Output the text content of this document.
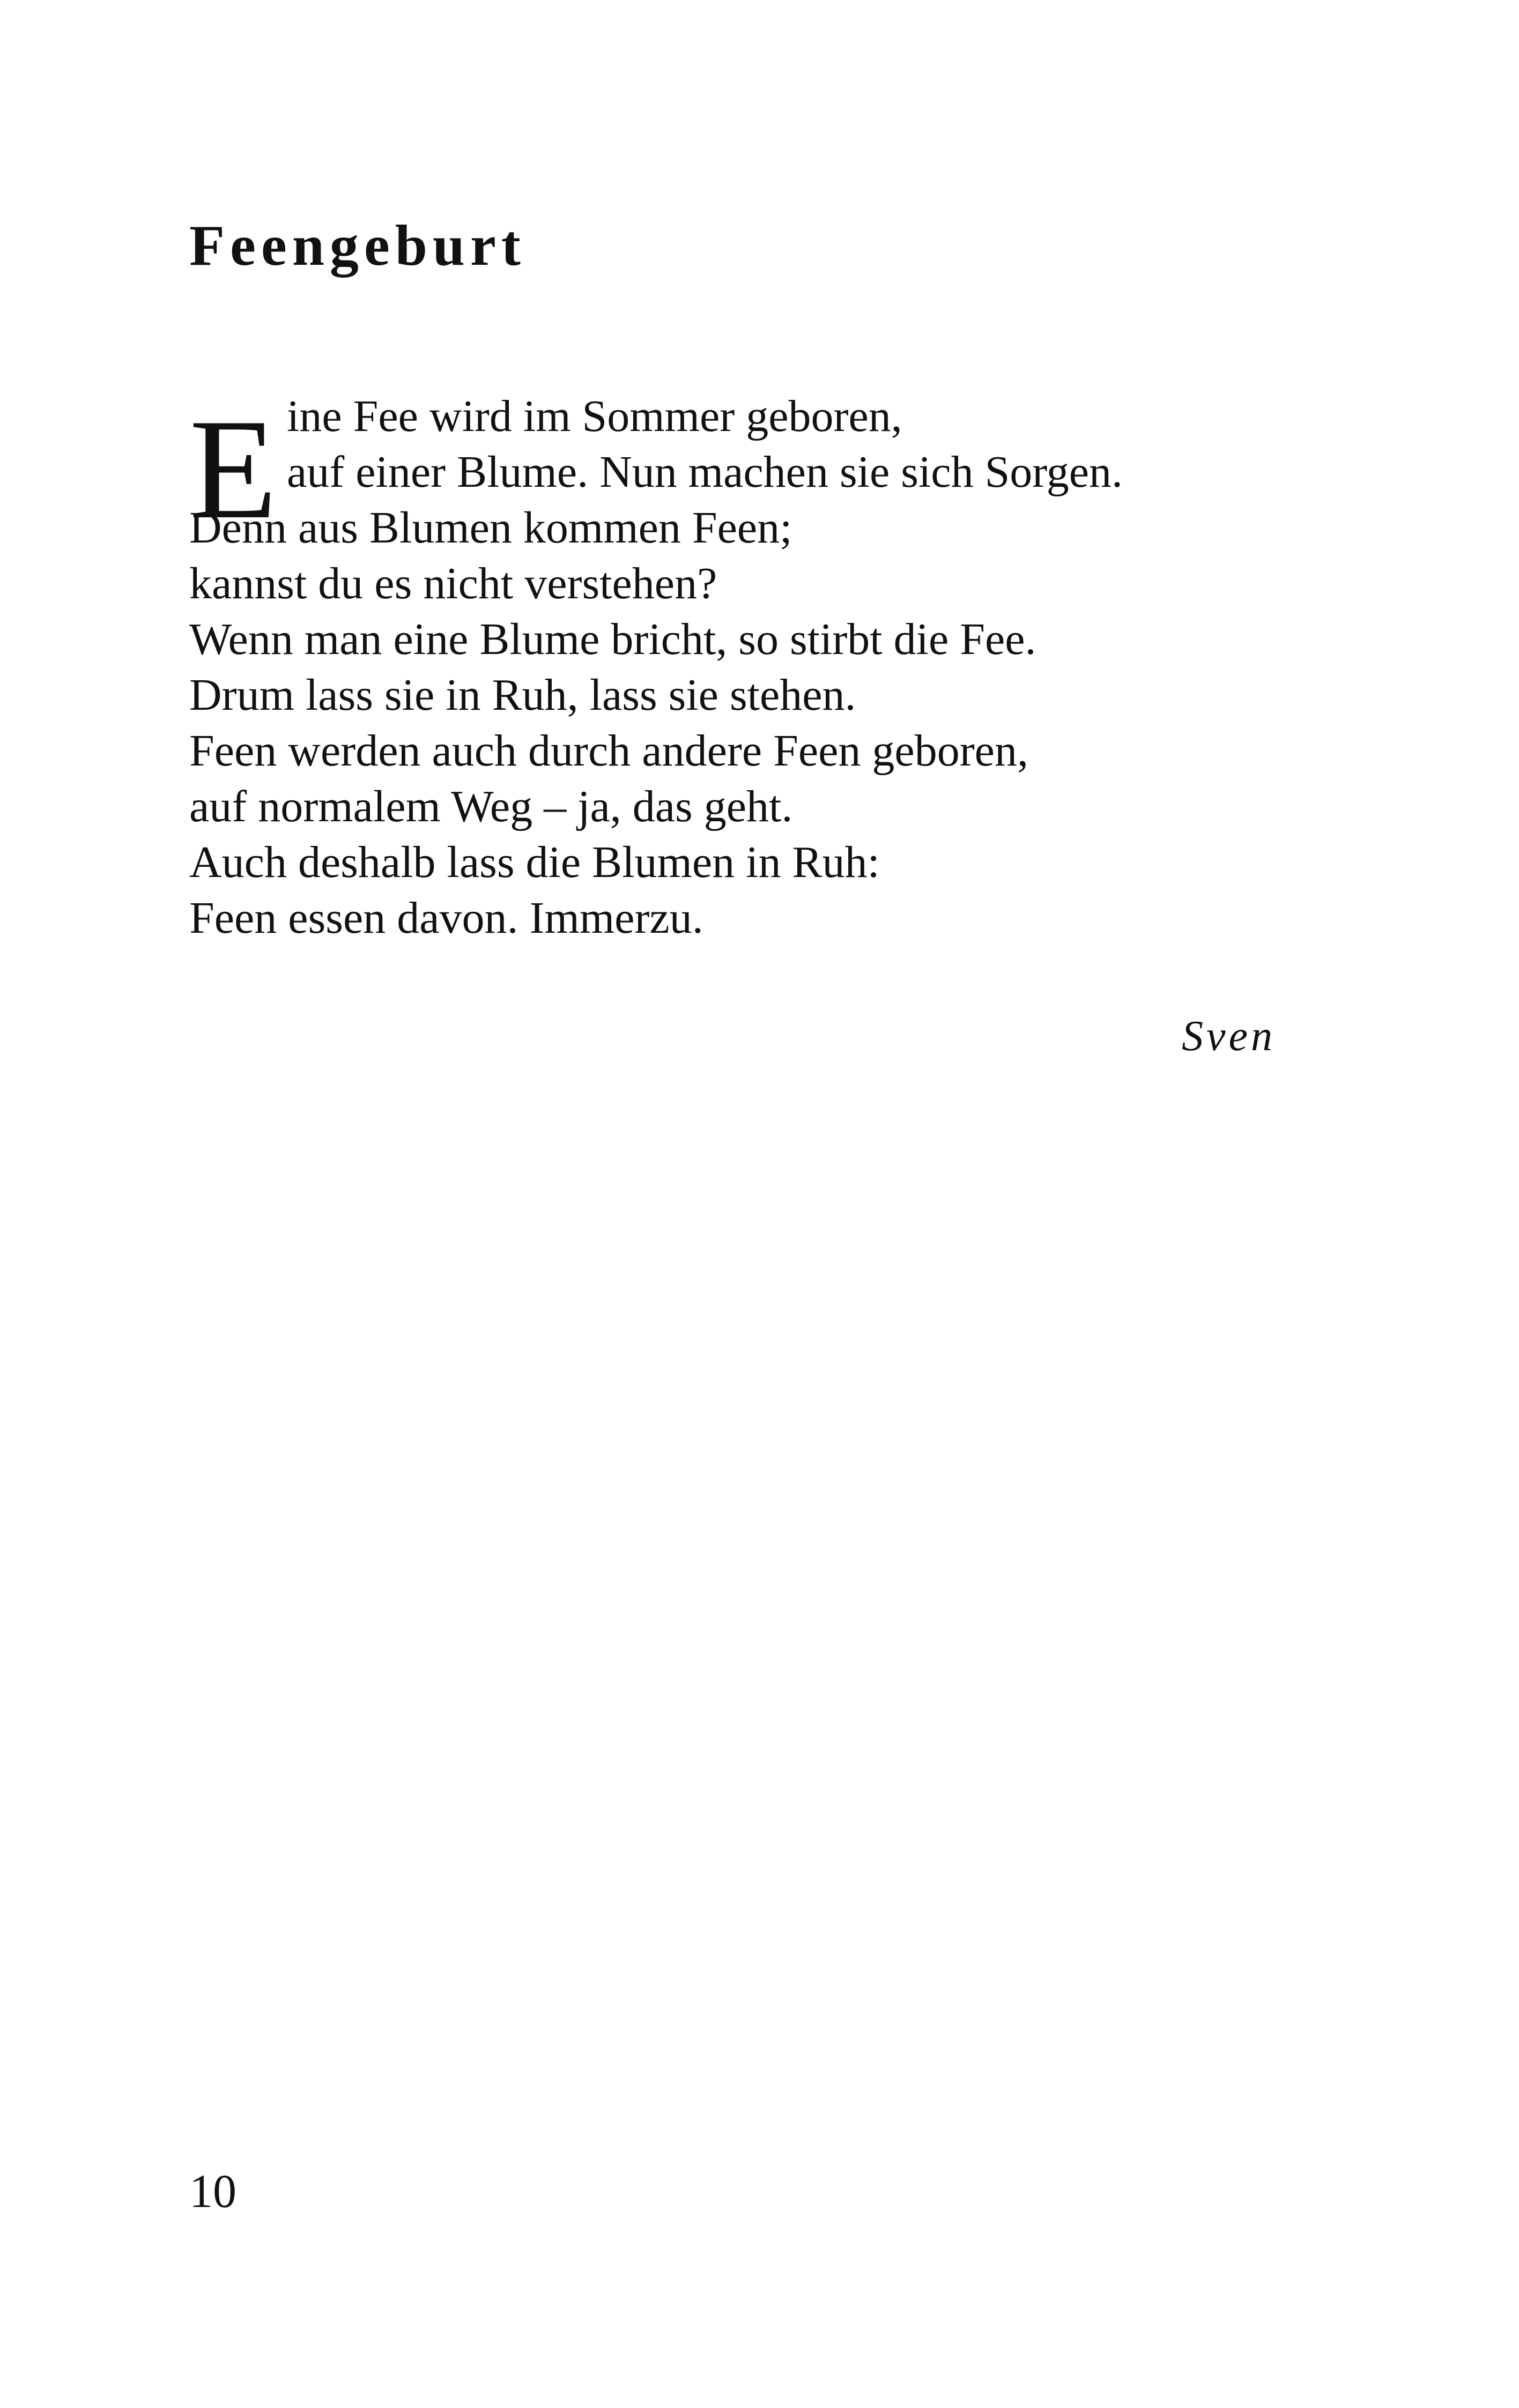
Feengeburt
E ine Fee wird im Sommer geboren,
auf einer Blume. Nun machen sie sich Sorgen.
Denn aus Blumen kommen Feen;
kannst du es nicht verstehen?
Wenn man eine Blume bricht, so stirbt die Fee.
Drum lass sie in Ruh, lass sie stehen.
Feen werden auch durch andere Feen geboren,
auf normalem Weg – ja, das geht.
Auch deshalb lass die Blumen in Ruh:
Feen essen davon. Immerzu.
Sven
10
